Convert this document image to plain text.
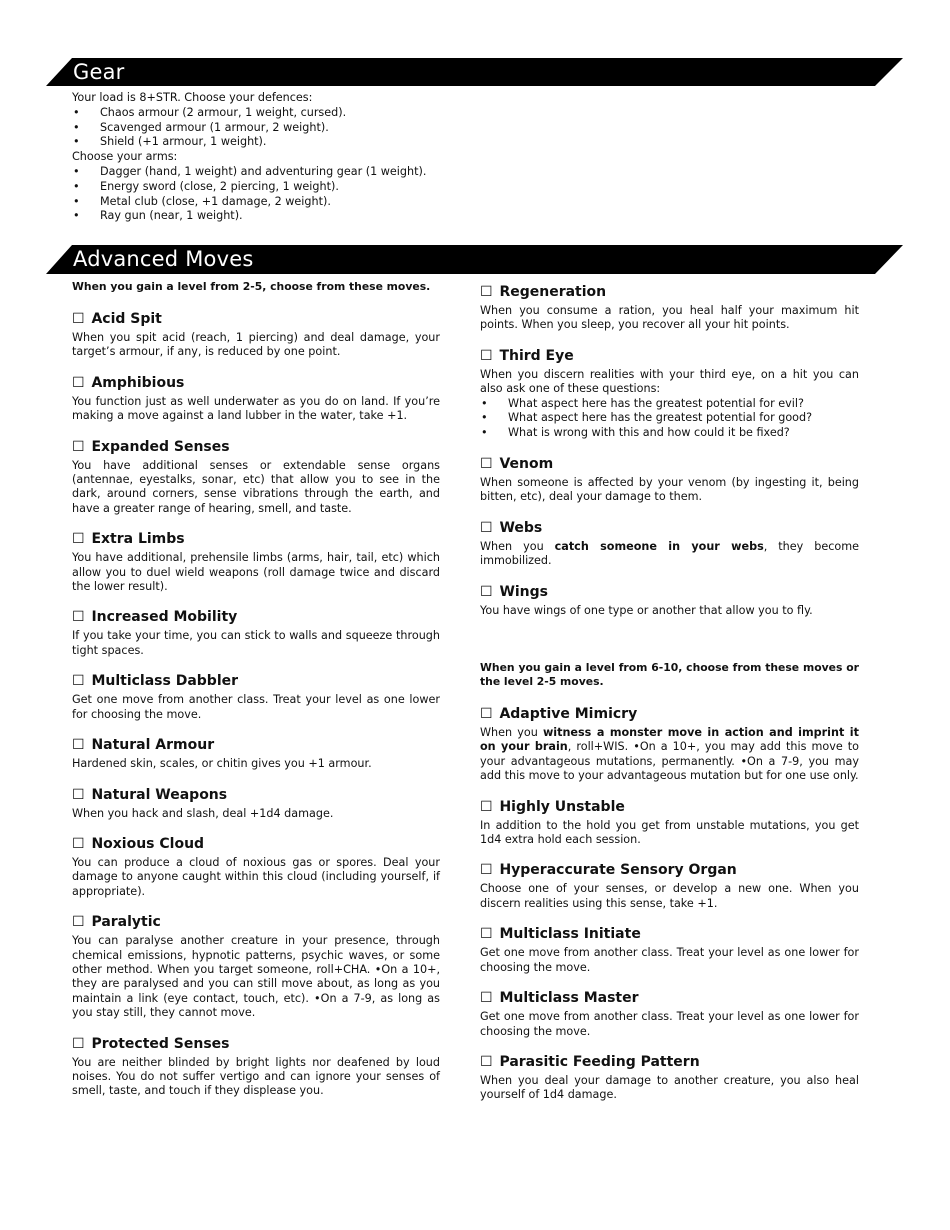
Gear

Your load is 8+STR. Choose your defences:

• Chaos armour (2 armour, 1 weight, cursed).
• Scavenged armour (1 armour, 2 weight).
• Shield (+1 armour, 1 weight).

Choose your arms:

• Dagger (hand, 1 weight) and adventuring gear (1 weight).
• Energy sword (close, 2 piercing, 1 weight).
• Metal club (close, +1 damage, 2 weight).
• Ray gun (near, 1 weight).
Advanced Moves
When you gain a level from 2-5, choose from these moves.
☐ Acid Spit

When you spit acid (reach, 1 piercing) and deal damage, your target’s armour, if any, is reduced by one point.

☐ Amphibious

You function just as well underwater as you do on land. If you’re making a move against a land lubber in the water, take +1.

☐ Expanded Senses

You have additional senses or extendable sense organs (antennae, eyestalks, sonar, etc) that allow you to see in the dark, around corners, sense vibrations through the earth, and have a greater range of hearing, smell, and taste.

☐ Extra Limbs

You have additional, prehensile limbs (arms, hair, tail, etc) which allow you to duel wield weapons (roll damage twice and discard the lower result).

☐ Increased Mobility

If you take your time, you can stick to walls and squeeze through tight spaces.

☐ Multiclass Dabbler

Get one move from another class. Treat your level as one lower for choosing the move.

☐ Natural Armour

Hardened skin, scales, or chitin gives you +1 armour.

☐ Natural Weapons

When you hack and slash, deal +1d4 damage.

☐ Noxious Cloud

You can produce a cloud of noxious gas or spores. Deal your damage to anyone caught within this cloud (including yourself, if appropriate).

☐ Paralytic

You can paralyse another creature in your presence, through chemical emissions, hypnotic patterns, psychic waves, or some other method. When you target someone, roll+CHA. •On a 10+, they are paralysed and you can still move about, as long as you maintain a link (eye contact, touch, etc). •On a 7-9, as long as you stay still, they cannot move.

☐ Protected Senses

You are neither blinded by bright lights nor deafened by loud noises. You do not suffer vertigo and can ignore your senses of smell, taste, and touch if they displease you.

☐ Regeneration

When you consume a ration, you heal half your maximum hit points. When you sleep, you recover all your hit points.

☐ Third Eye

When you discern realities with your third eye, on a hit you can also ask one of these questions:

• What aspect here has the greatest potential for evil?
• What aspect here has the greatest potential for good?
• What is wrong with this and how could it be fixed?
☐ Venom

When someone is affected by your venom (by ingesting it, being bitten, etc), deal your damage to them.

☐ Webs

When you catch someone in your webs, they become immobilized.

☐ Wings

You have wings of one type or another that allow you to fly.

When you gain a level from 6-10, choose from these moves or the level 2-5 moves.
☐ Adaptive Mimicry

When you witness a monster move in action and imprint it on your brain, roll+WIS. •On a 10+, you may add this move to your advantageous mutations, permanently. •On a 7-9, you may add this move to your advantageous mutation but for one use only.

☐ Highly Unstable

In addition to the hold you get from unstable mutations, you get 1d4 extra hold each session.

☐ Hyperaccurate Sensory Organ

Choose one of your senses, or develop a new one. When you discern realities using this sense, take +1.

☐ Multiclass Initiate

Get one move from another class. Treat your level as one lower for choosing the move.

☐ Multiclass Master

Get one move from another class. Treat your level as one lower for choosing the move.

☐ Parasitic Feeding Pattern

When you deal your damage to another creature, you also heal yourself of 1d4 damage.
